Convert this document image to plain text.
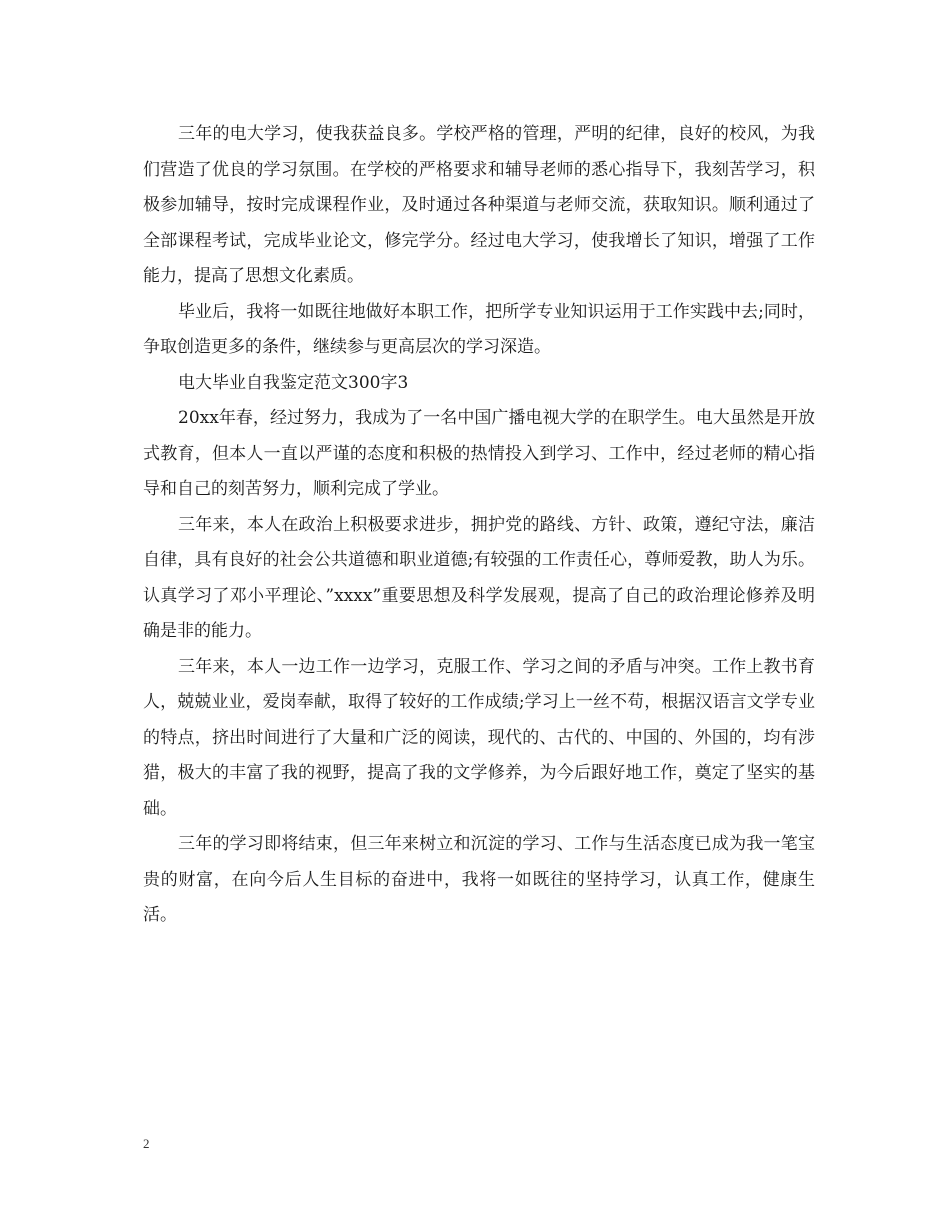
三年的电大学习，使我获益良多。学校严格的管理，严明的纪律，良好的校风，为我们营造了优良的学习氛围。在学校的严格要求和辅导老师的悉心指导下，我刻苦学习，积极参加辅导，按时完成课程作业，及时通过各种渠道与老师交流，获取知识。顺利通过了全部课程考试，完成毕业论文，修完学分。经过电大学习，使我增长了知识，增强了工作能力，提高了思想文化素质。

毕业后，我将一如既往地做好本职工作，把所学专业知识运用于工作实践中去;同时，争取创造更多的条件，继续参与更高层次的学习深造。

电大毕业自我鉴定范文300字3

20xx年春，经过努力，我成为了一名中国广播电视大学的在职学生。电大虽然是开放式教育，但本人一直以严谨的态度和积极的热情投入到学习、工作中，经过老师的精心指导和自己的刻苦努力，顺利完成了学业。

三年来，本人在政治上积极要求进步，拥护党的路线、方针、政策，遵纪守法，廉洁自律，具有良好的社会公共道德和职业道德;有较强的工作责任心，尊师爱教，助人为乐。认真学习了邓小平理论、”xxxx”重要思想及科学发展观，提高了自己的政治理论修养及明确是非的能力。

三年来，本人一边工作一边学习，克服工作、学习之间的矛盾与冲突。工作上教书育人，兢兢业业，爱岗奉献，取得了较好的工作成绩;学习上一丝不苟，根据汉语言文学专业的特点，挤出时间进行了大量和广泛的阅读，现代的、古代的、中国的、外国的，均有涉猎，极大的丰富了我的视野，提高了我的文学修养，为今后跟好地工作，奠定了坚实的基础。

三年的学习即将结束，但三年来树立和沉淀的学习、工作与生活态度已成为我一笔宝贵的财富，在向今后人生目标的奋进中，我将一如既往的坚持学习，认真工作，健康生活。

2
